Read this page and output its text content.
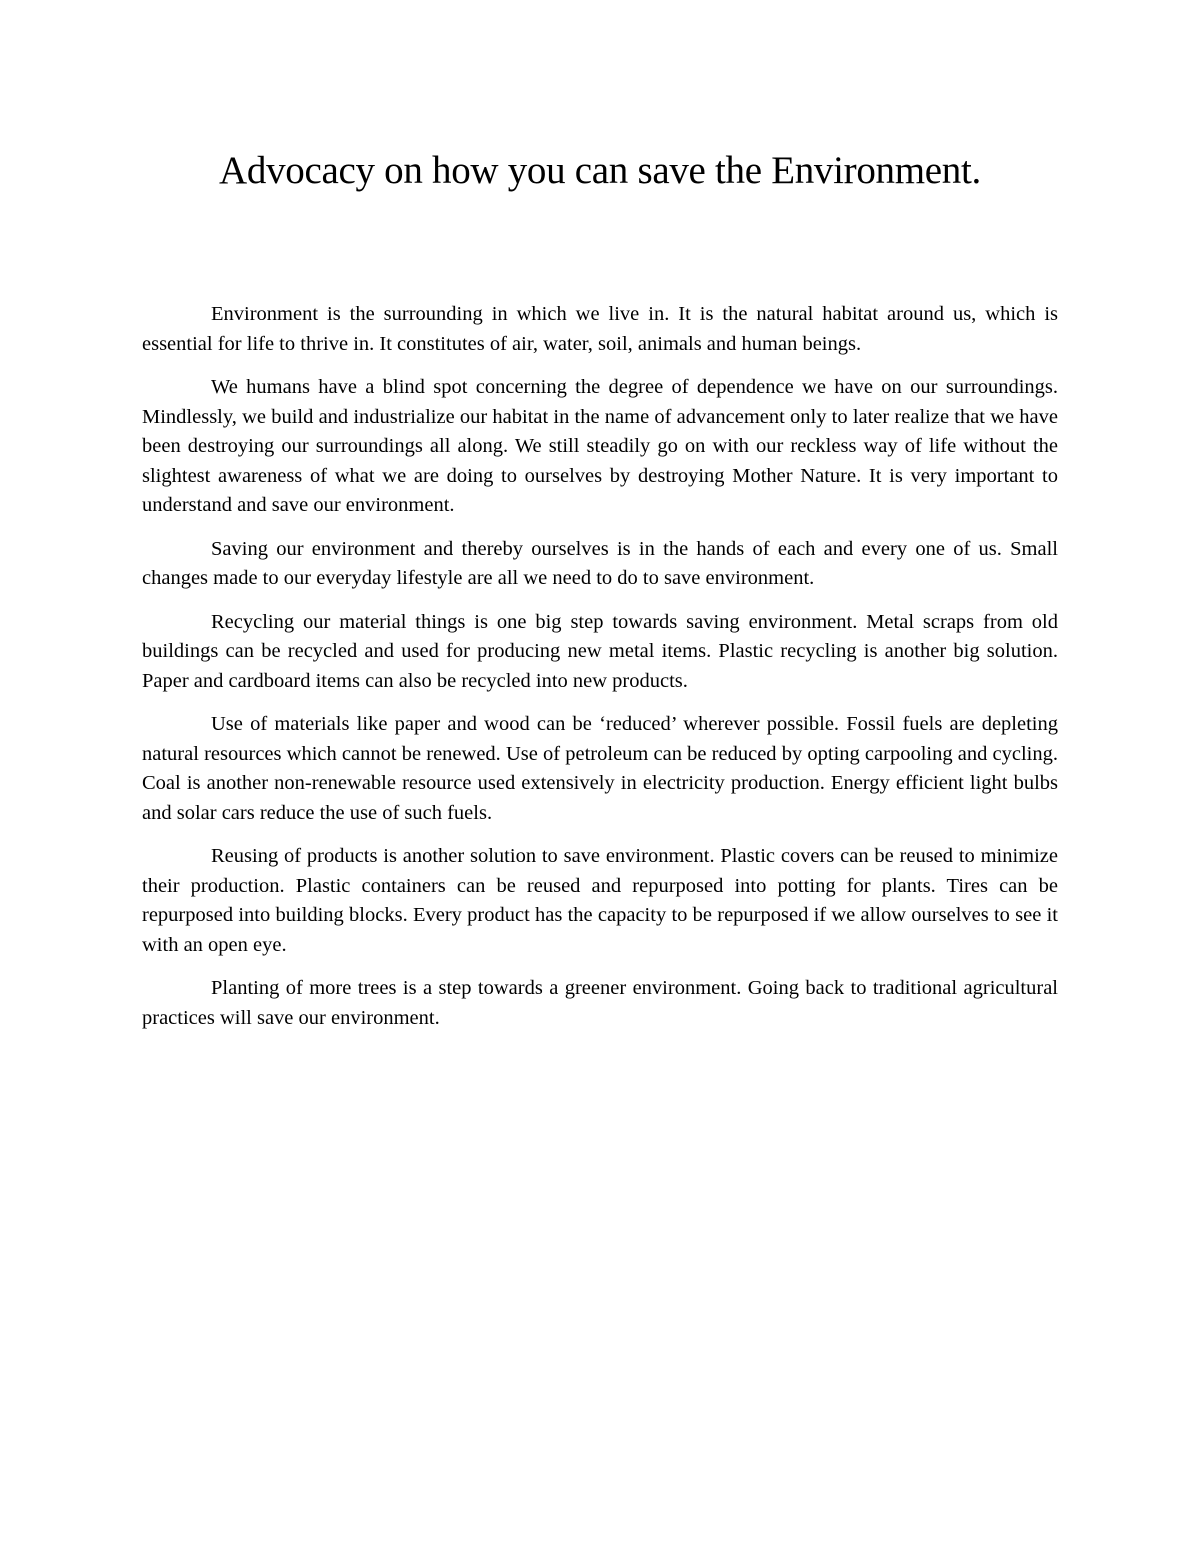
Advocacy on how you can save the Environment.

Environment is the surrounding in which we live in. It is the natural habitat around us, which is essential for life to thrive in. It constitutes of air, water, soil, animals and human beings.

We humans have a blind spot concerning the degree of dependence we have on our surroundings. Mindlessly, we build and industrialize our habitat in the name of advancement only to later realize that we have been destroying our surroundings all along. We still steadily go on with our reckless way of life without the slightest awareness of what we are doing to ourselves by destroying Mother Nature. It is very important to understand and save our environment.

Saving our environment and thereby ourselves is in the hands of each and every one of us. Small changes made to our everyday lifestyle are all we need to do to save environment.

Recycling our material things is one big step towards saving environment. Metal scraps from old buildings can be recycled and used for producing new metal items. Plastic recycling is another big solution. Paper and cardboard items can also be recycled into new products.

Use of materials like paper and wood can be ‘reduced’ wherever possible. Fossil fuels are depleting natural resources which cannot be renewed. Use of petroleum can be reduced by opting carpooling and cycling. Coal is another non-renewable resource used extensively in electricity production. Energy efficient light bulbs and solar cars reduce the use of such fuels.

Reusing of products is another solution to save environment. Plastic covers can be reused to minimize their production. Plastic containers can be reused and repurposed into potting for plants. Tires can be repurposed into building blocks. Every product has the capacity to be repurposed if we allow ourselves to see it with an open eye.

Planting of more trees is a step towards a greener environment. Going back to traditional agricultural practices will save our environment.
